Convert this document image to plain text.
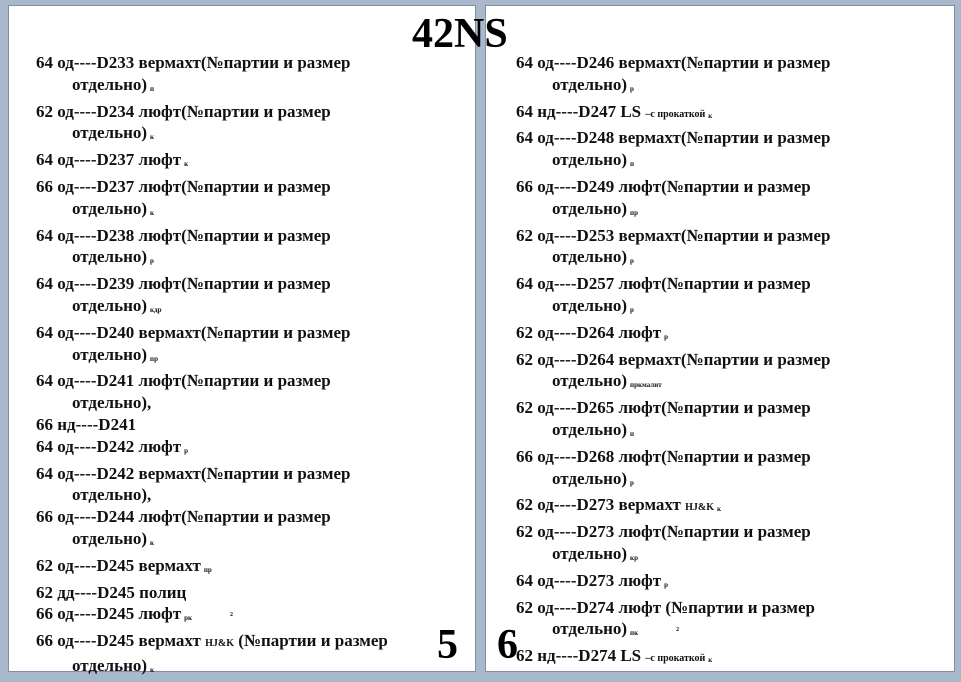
64 од----D233 вермахт(№партии и размер
отдельно) п
62 од----D234 люфт(№партии и размер
отдельно) к
64 од----D237 люфт к
66 од----D237 люфт(№партии и размер
отдельно) к
64 од----D238 люфт(№партии и размер
отдельно) р
64 од----D239 люфт(№партии и размер
отдельно) кдр
64 од----D240 вермахт(№партии и размер
отдельно) пр
64 од----D241 люфт(№партии и размер
отдельно),
66 нд----D241
64 од----D242 люфт р
64 од----D242 вермахт(№партии и размер
отдельно),
66 од----D244 люфт(№партии и размер
отдельно) к
62 од----D245 вермахт пр
62 дд----D245 полиц
66 од----D245 люфт рк	2
66 од----D245 вермахт HJ&K (№партии и размер
отдельно) к
64 од----D246 вермахт(№партии и размер
отдельно) р
64 нд----D247 LS –с прокаткой к
64 од----D248 вермахт(№партии и размер
отдельно) п
66 од----D249 люфт(№партии и размер
отдельно) пр
62 од----D253 вермахт(№партии и размер
отдельно) р
64 од----D257 люфт(№партии и размер
отдельно) р
62 од----D264 люфт р
62 од----D264 вермахт(№партии и размер
отдельно) пркмалит
62 од----D265 люфт(№партии и размер
отдельно) п
66 од----D268 люфт(№партии и размер
отдельно) р
62 од----D273 вермахт HJ&K к
62 од----D273 люфт(№партии и размер
отдельно) кр
64 од----D273 люфт р
62 од----D274 люфт (№партии и размер
отдельно) пк	2
62 нд----D274 LS –с прокаткой к
42NS
5 6
